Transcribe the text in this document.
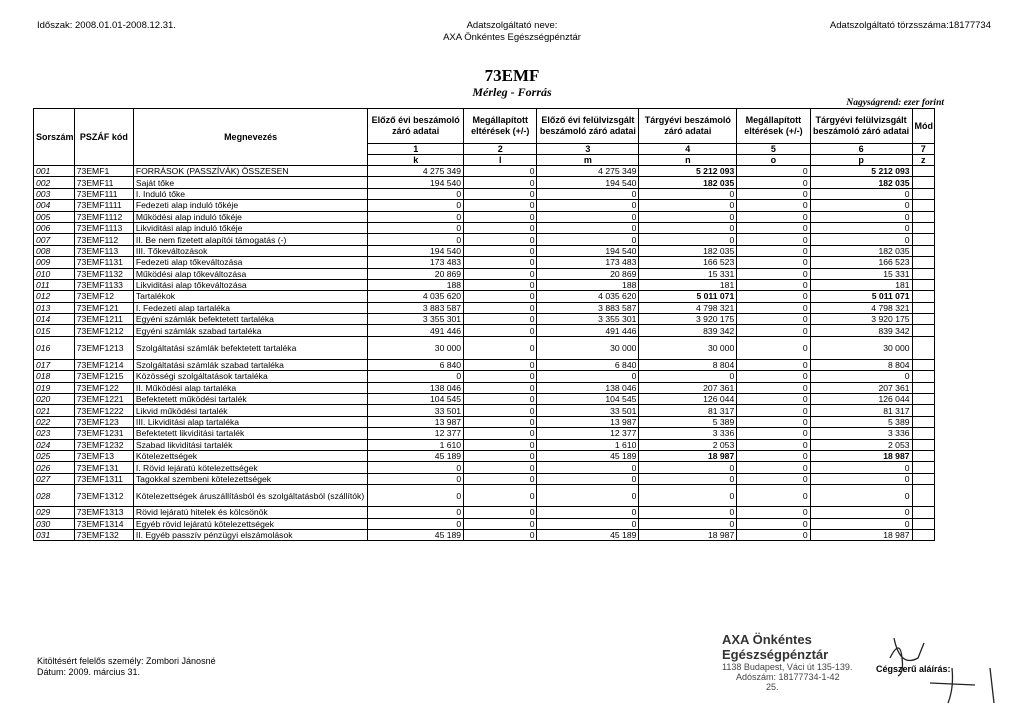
Időszak: 2008.01.01-2008.12.31.	Adatszolgáltató neve:
AXA Önkéntes Egészségpénztár
Adatszolgáltató törzsszáma:18177734
73EMF
Mérleg - Forrás
Nagyságrend: ezer forint
Sorszám	PSZÁF kód	Megnevezés	Előző évi beszámoló záró adatai	Megállapított eltérések (+/-)	Előző évi felülvizsgált beszámoló záró adatai	Tárgyévi beszámoló záró adatai	Megállapított eltérések (+/-)	Tárgyévi felülvizsgált beszámoló záró adatai	Mód
			1	2	3	4	5	6	7
			k	l	m	n	o	p	z
001	73EMF1	FORRÁSOK (PASSZÍVÁK) ÖSSZESEN	4 275 349	0	4 275 349	5 212 093	0	5 212 093	
002	73EMF11	Saját tőke	194 540	0	194 540	182 035	0	182 035	
003	73EMF111	I. Induló tőke	0	0	0	0	0	0	
004	73EMF1111	Fedezeti alap induló tőkéje	0	0	0	0	0	0	
005	73EMF1112	Működési alap induló tőkéje	0	0	0	0	0	0	
006	73EMF1113	Likviditási alap induló tőkéje	0	0	0	0	0	0	
007	73EMF112	II. Be nem fizetett alapítói támogatás (-)	0	0	0	0	0	0	
008	73EMF113	III. Tőkeváltozások	194 540	0	194 540	182 035	0	182 035	
009	73EMF1131	Fedezeti alap tőkeváltozása	173 483	0	173 483	166 523	0	166 523	
010	73EMF1132	Működési alap tőkeváltozása	20 869	0	20 869	15 331	0	15 331	
011	73EMF1133	Likviditási alap tőkeváltozása	188	0	188	181	0	181	
012	73EMF12	Tartalékok	4 035 620	0	4 035 620	5 011 071	0	5 011 071	
013	73EMF121	I. Fedezeti alap tartaléka	3 883 587	0	3 883 587	4 798 321	0	4 798 321	
014	73EMF1211	Egyéni számlák befektetett tartaléka	3 355 301	0	3 355 301	3 920 175	0	3 920 175	
015	73EMF1212	Egyéni számlák szabad tartaléka	491 446	0	491 446	839 342	0	839 342	
016	73EMF1213	Szolgáltatási számlák befektetett tartaléka	30 000	0	30 000	30 000	0	30 000	
017	73EMF1214	Szolgáltatási számlák szabad tartaléka	6 840	0	6 840	8 804	0	8 804	
018	73EMF1215	Közösségi szolgáltatások tartaléka	0	0	0	0	0	0	
019	73EMF122	II. Működési alap tartaléka	138 046	0	138 046	207 361	0	207 361	
020	73EMF1221	Befektetett működési tartalék	104 545	0	104 545	126 044	0	126 044	
021	73EMF1222	Likvid működési tartalék	33 501	0	33 501	81 317	0	81 317	
022	73EMF123	III. Likviditási alap tartaléka	13 987	0	13 987	5 389	0	5 389	
023	73EMF1231	Befektetett likviditási tartalék	12 377	0	12 377	3 336	0	3 336	
024	73EMF1232	Szabad likviditási tartalék	1 610	0	1 610	2 053	0	2 053	
025	73EMF13	Kötelezettségek	45 189	0	45 189	18 987	0	18 987	
026	73EMF131	I. Rövid lejáratú kötelezettségek	0	0	0	0	0	0	
027	73EMF1311	Tagokkal szembeni kötelezettségek	0	0	0	0	0	0	
028	73EMF1312	Kötelezettségek áruszállításból és szolgáltatásból (szállítók)	0	0	0	0	0	0	
029	73EMF1313	Rövid lejáratú hitelek és kölcsönök	0	0	0	0	0	0	
030	73EMF1314	Egyéb rövid lejáratú kötelezettségek	0	0	0	0	0	0	
031	73EMF132	II. Egyéb passzív pénzügyi elszámolások	45 189	0	45 189	18 987	0	18 987	
Kitöltésért felelős személy: Zombori Jánosné
Dátum: 2009. március 31.
AXA Önkéntes Egészségpénztár
1138 Budapest, Váci út 135-139.
Adószám: 18177734-1-42
25.
Cégszerű aláírás:
